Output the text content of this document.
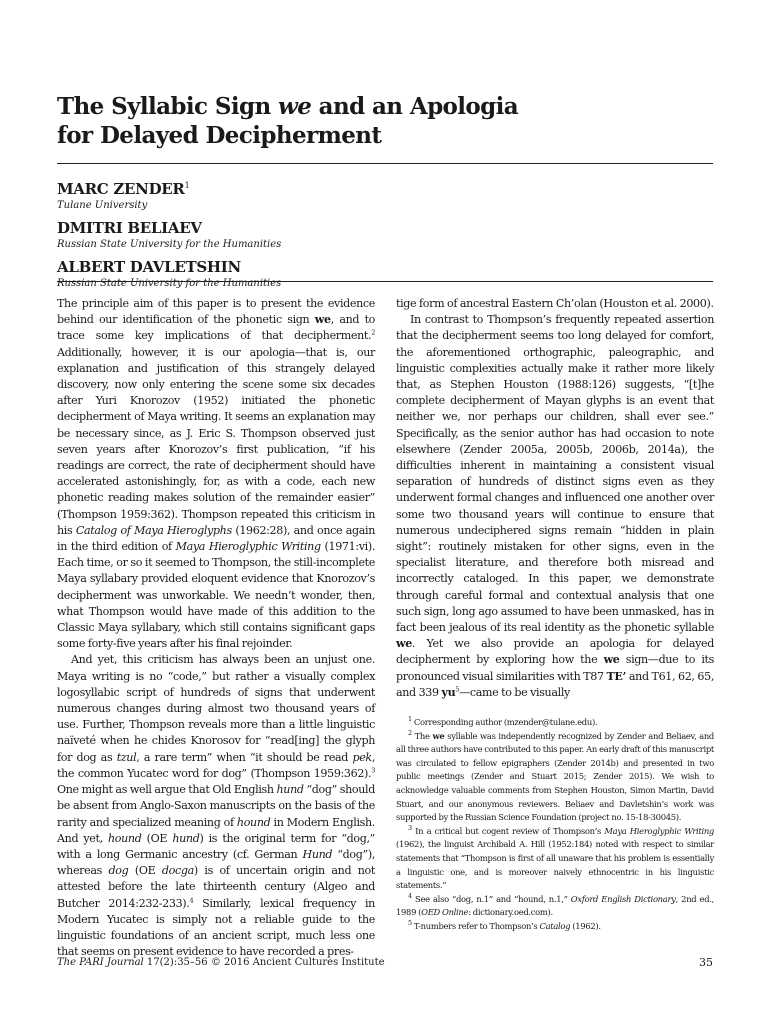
The Syllabic Sign we and an Apologia
for Delayed Decipherment
MARC ZENDER$^1$
Tulane University
DMITRI BELIAEV
Russian State University for the Humanities
ALBERT DAVLETSHIN
Russian State University for the Humanities

The principle aim of this paper is to present the evidence behind our identification of the phonetic sign we, and to trace some key implications of that decipherment.$^2$ Additionally, however, it is our apologia—that is, our explanation and justification of this strangely delayed discovery, now only entering the scene some six decades after Yuri Knorozov (1952) initiated the phonetic decipherment of Maya writing. It seems an explanation may be necessary since, as J. Eric S. Thompson observed just seven years after Knorozov’s first publication, “if his readings are correct, the rate of decipherment should have accelerated astonishingly, for, as with a code, each new phonetic reading makes solution of the remainder easier” (Thompson 1959:362). Thompson repeated this criticism in his Catalog of Maya Hieroglyphs (1962:28), and once again in the third edition of Maya Hieroglyphic Writing (1971:vi). Each time, or so it seemed to Thompson, the still-incomplete Maya syllabary provided eloquent evidence that Knorozov’s decipherment was unworkable. We needn’t wonder, then, what Thompson would have made of this addition to the Classic Maya syllabary, which still contains significant gaps some forty-five years after his final rejoinder.

And yet, this criticism has always been an unjust one. Maya writing is no “code,” but rather a visually complex logosyllabic script of hundreds of signs that underwent numerous changes during almost two thousand years of use. Further, Thompson reveals more than a little linguistic naïveté when he chides Knorosov for “read[ing] the glyph for dog as tzul, a rare term” when “it should be read pek, the common Yucatec word for dog” (Thompson 1959:362).$^3$ One might as well argue that Old English hund “dog” should be absent from Anglo-Saxon manuscripts on the basis of the rarity and specialized meaning of hound in Modern English. And yet, hound (OE hund) is the original term for “dog,” with a long Germanic ancestry (cf. German Hund “dog”), whereas dog (OE docga) is of uncertain origin and not attested before the late thirteenth century (Algeo and Butcher 2014:232-233).$^4$ Similarly, lexical frequency in Modern Yucatec is simply not a reliable guide to the linguistic foundations of an ancient script, much less one that seems on present evidence to have recorded a pres-

tige form of ancestral Eastern Ch’olan (Houston et al. 2000).

In contrast to Thompson’s frequently repeated assertion that the decipherment seems too long delayed for comfort, the aforementioned orthographic, paleographic, and linguistic complexities actually make it rather more likely that, as Stephen Houston (1988:126) suggests, “[t]he complete decipherment of Mayan glyphs is an event that neither we, nor perhaps our children, shall ever see.” Specifically, as the senior author has had occasion to note elsewhere (Zender 2005a, 2005b, 2006b, 2014a), the difficulties inherent in maintaining a consistent visual separation of hundreds of distinct signs even as they underwent formal changes and influenced one another over some two thousand years will continue to ensure that numerous undeciphered signs remain “hidden in plain sight”: routinely mistaken for other signs, even in the specialist literature, and therefore both misread and incorrectly cataloged. In this paper, we demonstrate through careful formal and contextual analysis that one such sign, long ago assumed to have been unmasked, has in fact been jealous of its real identity as the phonetic syllable we. Yet we also provide an apologia for delayed decipherment by exploring how the we sign—due to its pronounced visual similarities with T87 TE’ and T61, 62, 65, and 339 $yu^5—came$ to be visually

$^1$ Corresponding author (mzender@tulane.edu).

$^2$ The we syllable was independently recognized by Zender and Beliaev, and all three authors have contributed to this paper. An early draft of this manuscript was circulated to fellow epigraphers (Zender 2014b) and presented in two public meetings (Zender and Stuart 2015; Zender 2015). We wish to acknowledge valuable comments from Stephen Houston, Simon Martin, David Stuart, and our anonymous reviewers. Beliaev and Davletshin’s work was supported by the Russian Science Foundation (project no. 15-18-30045).

$^3$ In a critical but cogent review of Thompson’s Maya Hieroglyphic Writing (1962), the linguist Archibald A. Hill (1952:184) noted with respect to similar statements that “Thompson is first of all unaware that his problem is essentially a linguistic one, and is moreover naively ethnocentric in his linguistic statements.”

$^4$ See also “dog, n.1” and “hound, n.1,” Oxford English Dictionary, 2nd ed., 1989 (OED Online: dictionary.oed.com).

$^5$ T-numbers refer to Thompson’s Catalog (1962).

The PARI Journal 17(2):35–56 © 2016 Ancient Cultures Institute	35
